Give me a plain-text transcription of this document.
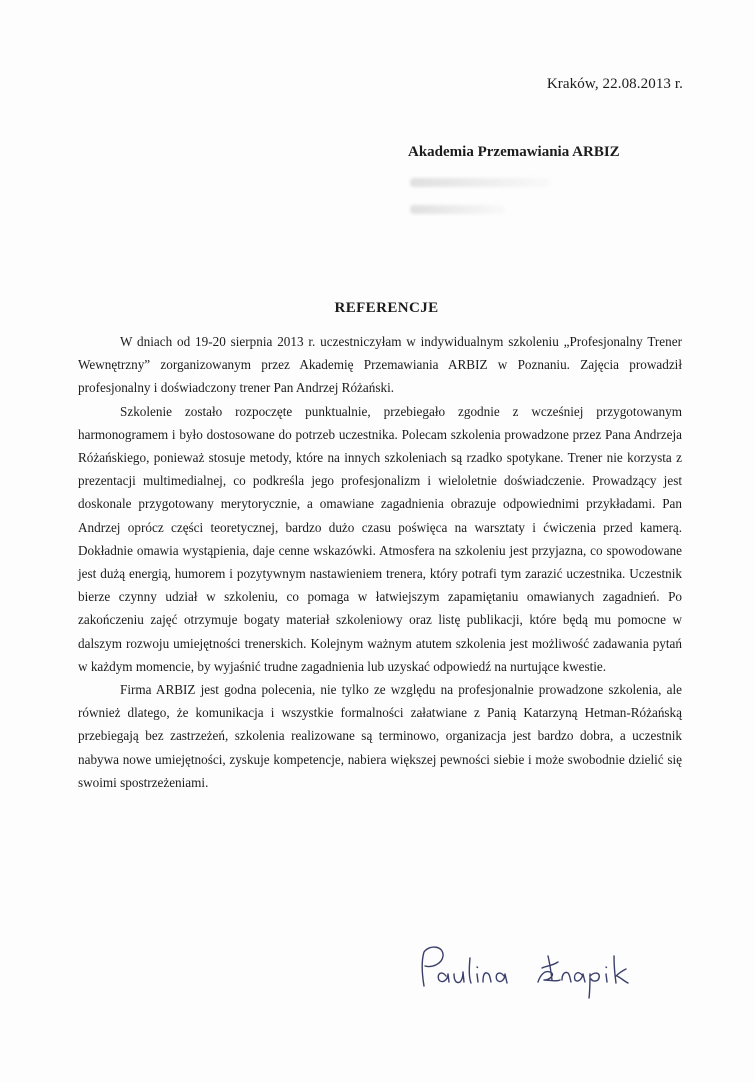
Kraków, 22.08.2013 r.
Akademia Przemawiania ARBIZ
REFERENCJE

W dniach od 19-20 sierpnia 2013 r. uczestniczyłam w indywidualnym szkoleniu „Profesjonalny Trener Wewnętrzny” zorganizowanym przez Akademię Przemawiania ARBIZ w Poznaniu. Zajęcia prowadził profesjonalny i doświadczony trener Pan Andrzej Różański.

Szkolenie zostało rozpoczęte punktualnie, przebiegało zgodnie z wcześniej przygotowanym harmonogramem i było dostosowane do potrzeb uczestnika. Polecam szkolenia prowadzone przez Pana Andrzeja Różańskiego, ponieważ stosuje metody, które na innych szkoleniach są rzadko spotykane. Trener nie korzysta z prezentacji multimedialnej, co podkreśla jego profesjonalizm i wieloletnie doświadczenie. Prowadzący jest doskonale przygotowany merytorycznie, a omawiane zagadnienia obrazuje odpowiednimi przykładami. Pan Andrzej oprócz części teoretycznej, bardzo dużo czasu poświęca na warsztaty i ćwiczenia przed kamerą. Dokładnie omawia wystąpienia, daje cenne wskazówki. Atmosfera na szkoleniu jest przyjazna, co spowodowane jest dużą energią, humorem i pozytywnym nastawieniem trenera, który potrafi tym zarazić uczestnika. Uczestnik bierze czynny udział w szkoleniu, co pomaga w łatwiejszym zapamiętaniu omawianych zagadnień. Po zakończeniu zajęć otrzymuje bogaty materiał szkoleniowy oraz listę publikacji, które będą mu pomocne w dalszym rozwoju umiejętności trenerskich. Kolejnym ważnym atutem szkolenia jest możliwość zadawania pytań w każdym momencie, by wyjaśnić trudne zagadnienia lub uzyskać odpowiedź na nurtujące kwestie.

Firma ARBIZ jest godna polecenia, nie tylko ze względu na profesjonalnie prowadzone szkolenia, ale również dlatego, że komunikacja i wszystkie formalności załatwiane z Panią Katarzyną Hetman-Różańską przebiegają bez zastrzeżeń, szkolenia realizowane są terminowo, organizacja jest bardzo dobra, a uczestnik nabywa nowe umiejętności, zyskuje kompetencje, nabiera większej pewności siebie i może swobodnie dzielić się swoimi spostrzeżeniami.
